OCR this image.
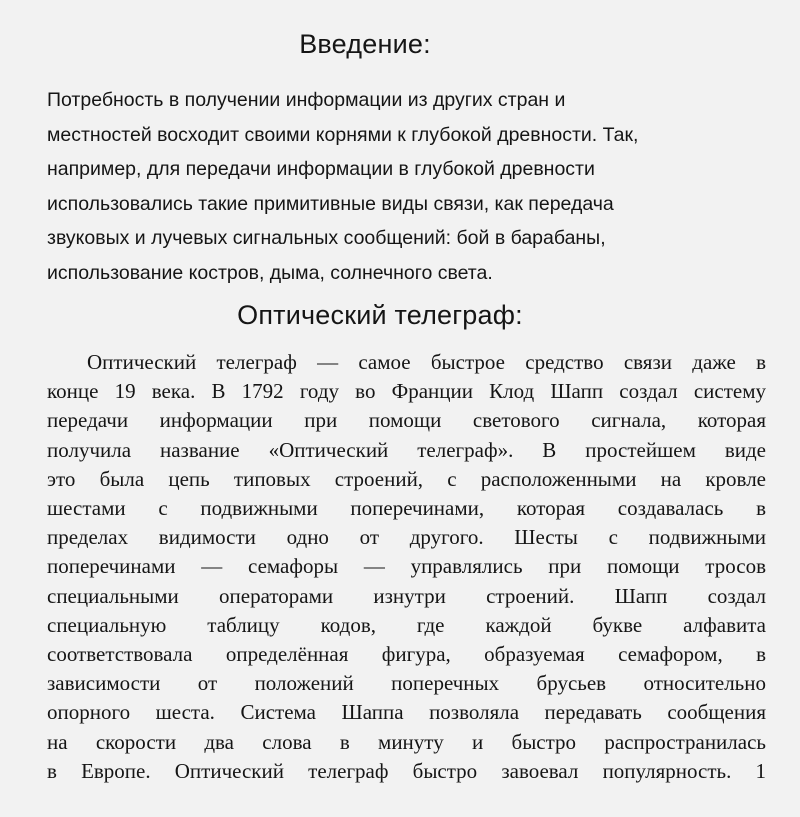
Введение:
Потребность в получении информации из других стран и
местностей восходит своими корнями к глубокой древности. Так,
например, для передачи информации в глубокой древности
использовались такие примитивные виды связи, как передача
звуковых и лучевых сигнальных сообщений: бой в барабаны,
использование костров, дыма, солнечного света.
Оптический телеграф:
Оптический телеграф — самое быстрое средство связи даже в
конце 19 века. В 1792 году во Франции Клод Шапп создал систему
передачи информации при помощи светового сигнала, которая
получила название «Оптический телеграф». В простейшем виде
это была цепь типовых строений, с расположенными на кровле
шестами с подвижными поперечинами, которая создавалась в
пределах видимости одно от другого. Шесты с подвижными
поперечинами — семафоры — управлялись при помощи тросов
специальными операторами изнутри строений. Шапп создал
специальную таблицу кодов, где каждой букве алфавита
соответствовала определённая фигура, образуемая семафором, в
зависимости от положений поперечных брусьев относительно
опорного шеста. Система Шаппа позволяла передавать сообщения
на скорости два слова в минуту и быстро распространилась
в Европе. Оптический телеграф быстро завоевал популярность. 1
